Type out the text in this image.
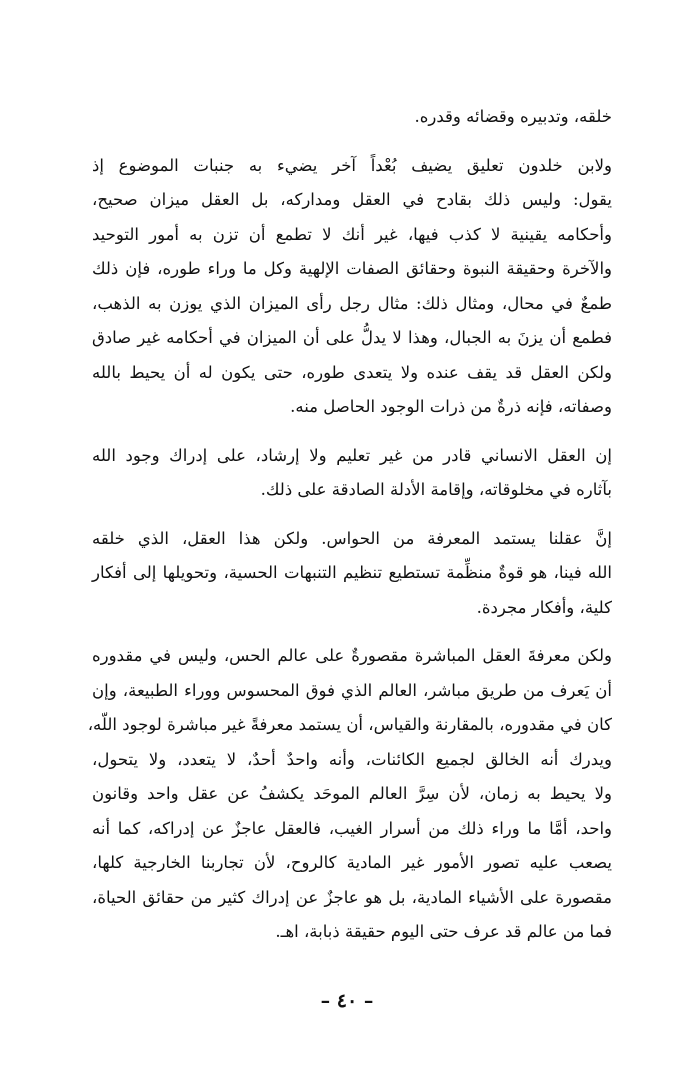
خلقه، وتدبيره وقضائه وقدره.
ولابن خلدون تعليق يضيف بُعْداً آخر يضيء به جنبات الموضوع إذ
يقول: وليس ذلك بقادح في العقل ومداركه، بل العقل ميزان صحيح،
وأحكامه يقينية لا كذب فيها، غير أنك لا تطمع أن تزن به أمور التوحيد
والآخرة وحقيقة النبوة وحقائق الصفات الإلهية وكل ما وراء طوره، فإن ذلك
طمعٌ في محال، ومثال ذلك: مثال رجل رأى الميزان الذي يوزن به الذهب،
فطمع أن يزنَ به الجبال، وهذا لا يدلُّ على أن الميزان في أحكامه غير صادق
ولكن العقل قد يقف عنده ولا يتعدى طوره، حتى يكون له أن يحيط بالله
وصفاته، فإنه ذرةٌ من ذرات الوجود الحاصل منه.
إن العقل الانساني قادر من غير تعليم ولا إرشاد، على إدراك وجود الله
بآثاره في مخلوقاته، وإقامة الأدلة الصادقة على ذلك.
إنَّ عقلنا يستمد المعرفة من الحواس. ولكن هذا العقل، الذي خلقه
الله فينا، هو قوةٌ منظِّمة تستطيع تنظيم التنبهات الحسية، وتحويلها إلى أفكار
كلية، وأفكار مجردة.
ولكن معرفةَ العقل المباشرة مقصورةٌ على عالم الحس، وليس في مقدوره
أن يَعرف من طريق مباشر، العالم الذي فوق المحسوس ووراء الطبيعة، وإن
كان في مقدوره، بالمقارنة والقياس، أن يستمد معرفةً غير مباشرة لوجود اللّه،
ويدرك أنه الخالق لجميع الكائنات، وأنه واحدٌ أحدٌ، لا يتعدد، ولا يتحول،
ولا يحيط به زمان، لأن سِرَّ العالم الموحَد يكشفُ عن عقل واحد وقانون
واحد، أمَّا ما وراء ذلك من أسرار الغيب، فالعقل عاجزٌ عن إدراكه، كما أنه
يصعب عليه تصور الأمور غير المادية كالروح، لأن تجاربنا الخارجية كلها،
مقصورة على الأشياء المادية، بل هو عاجزٌ عن إدراك كثير من حقائق الحياة،
فما من عالم قد عرف حتى اليوم حقيقة ذبابة، اهـ.
– ٤٠ –
